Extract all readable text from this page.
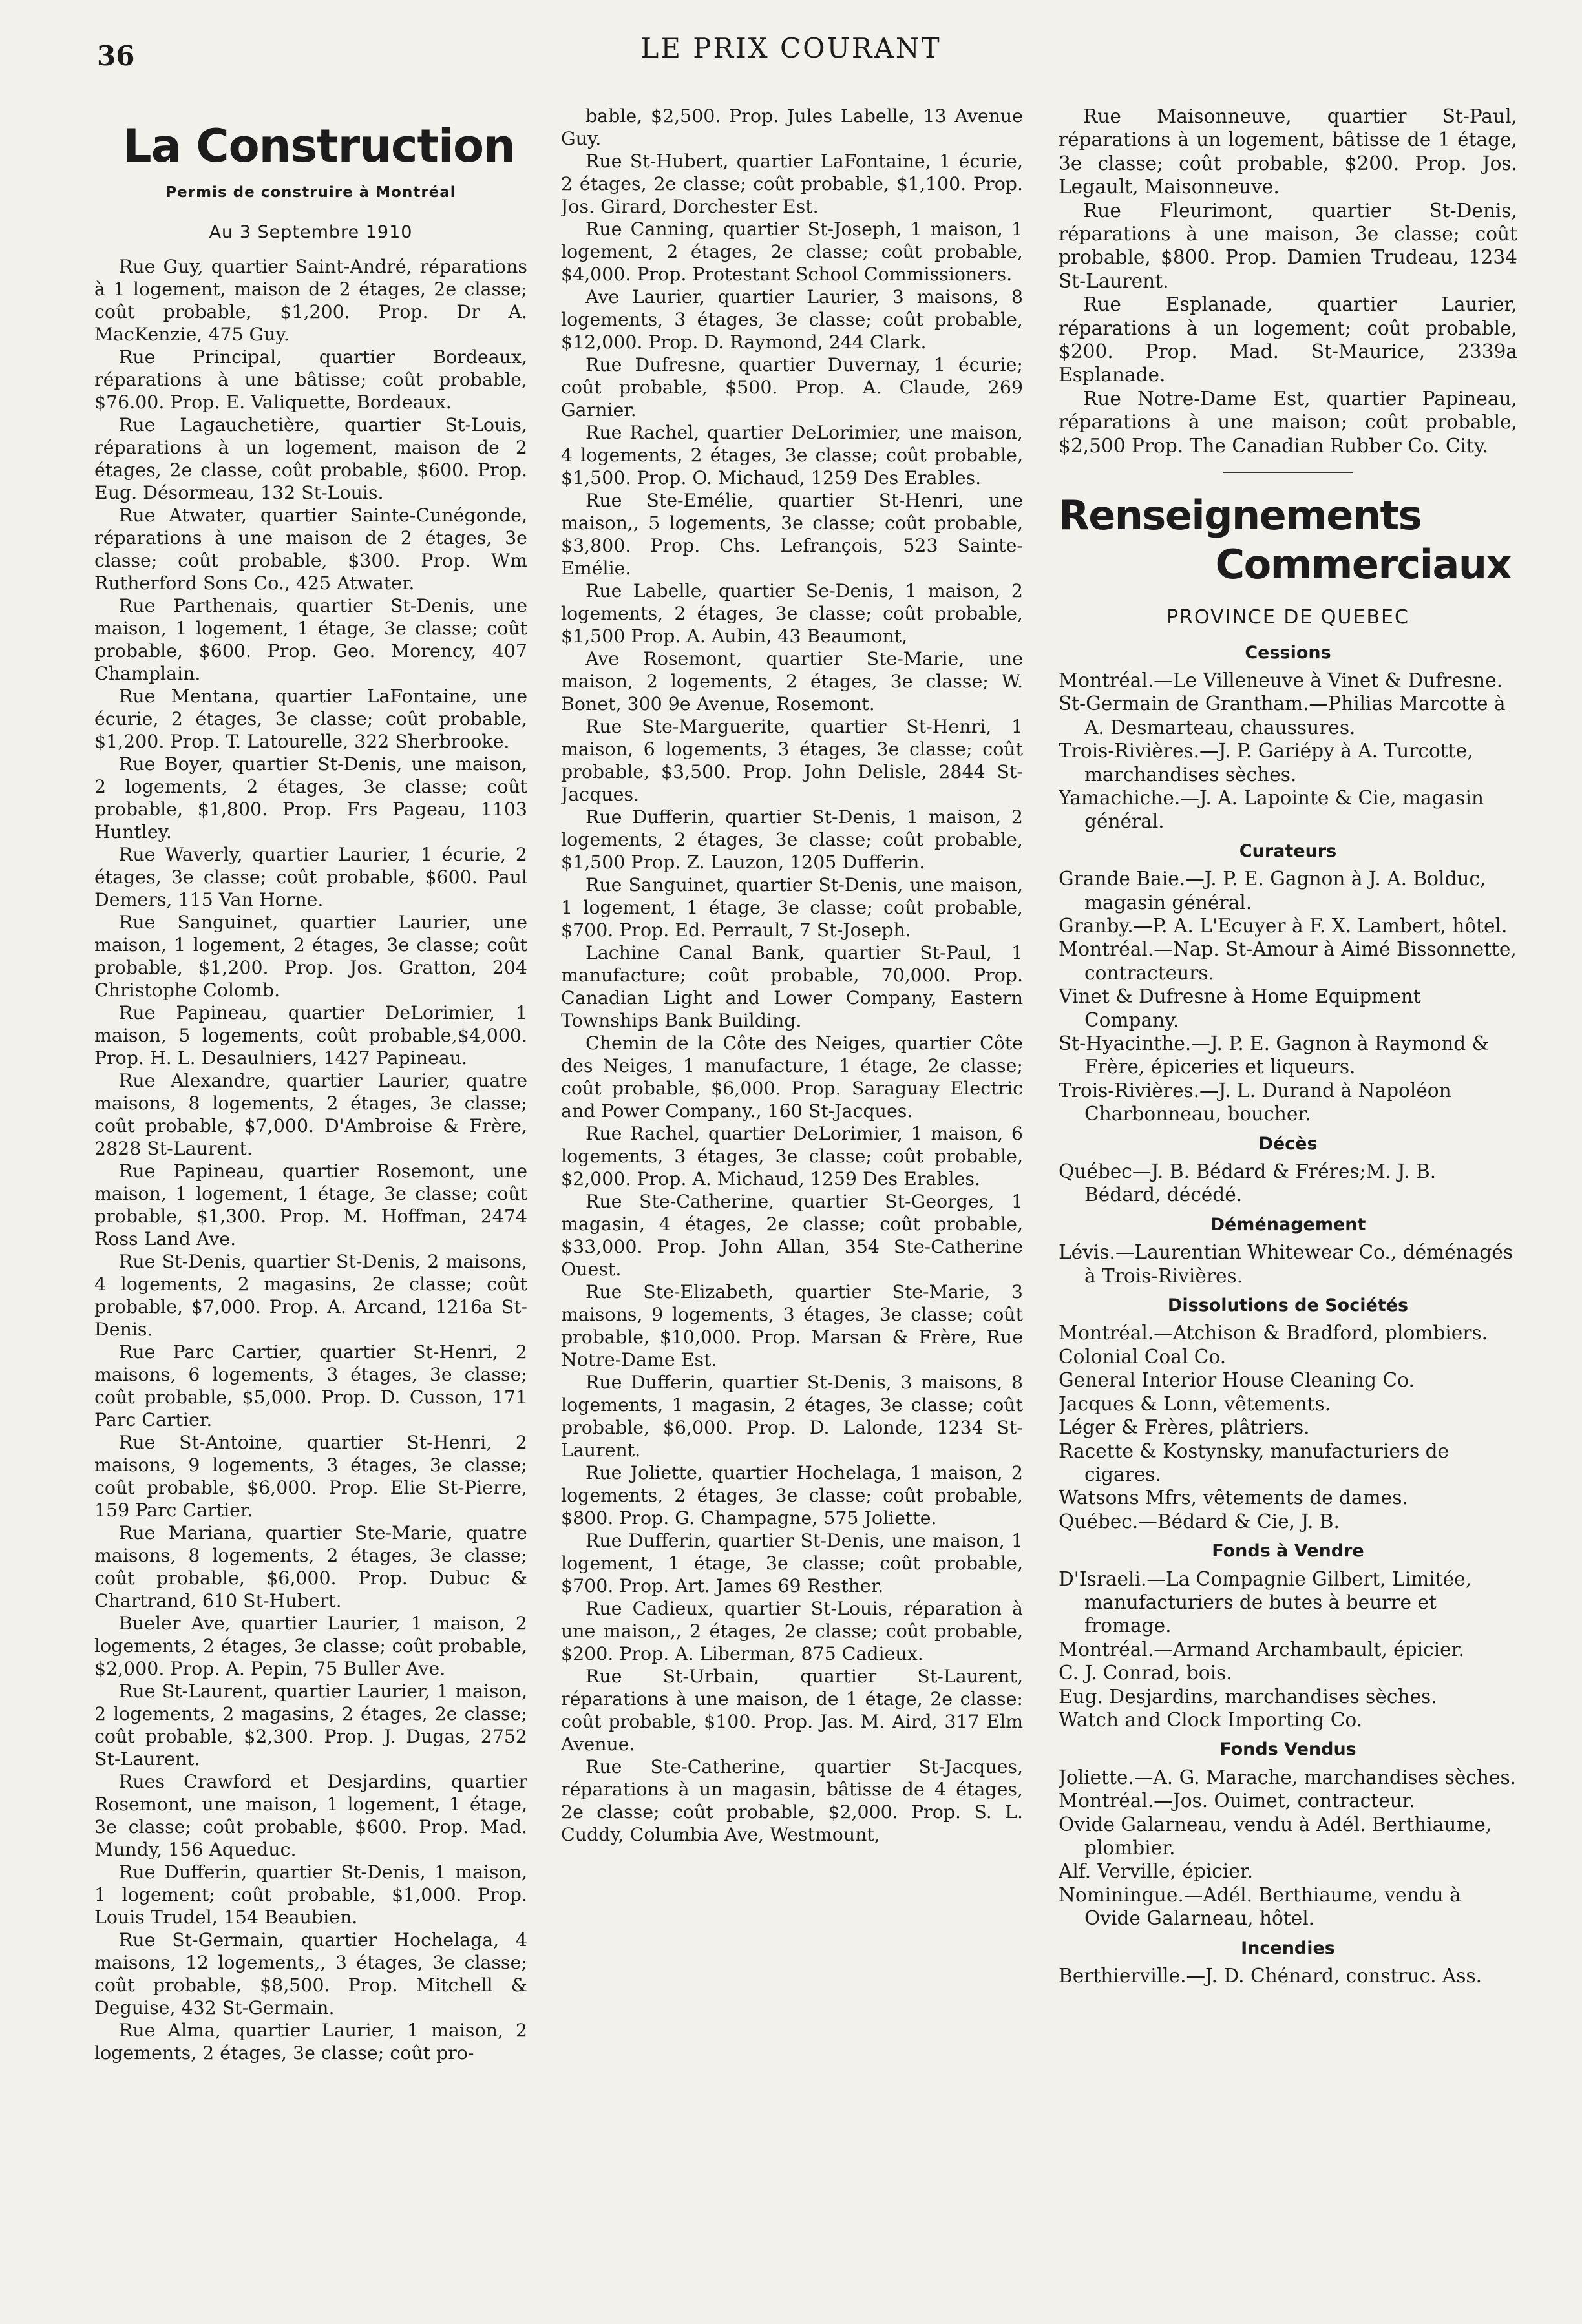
36	LE PRIX COURANT
La Construction
Permis de construire à Montréal
Au 3 Septembre 1910

Rue Guy, quartier Saint-André, réparations à 1 logement, maison de 2 étages, 2e classe; coût probable, $1,200. Prop. Dr A. MacKenzie, 475 Guy.

Rue Principal, quartier Bordeaux, réparations à une bâtisse; coût probable, $76.00. Prop. E. Valiquette, Bordeaux.

Rue Lagauchetière, quartier St-Louis, réparations à un logement, maison de 2 étages, 2e classe, coût probable, $600. Prop. Eug. Désormeau, 132 St-Louis.

Rue Atwater, quartier Sainte-Cunégonde, réparations à une maison de 2 étages, 3e classe; coût probable, $300. Prop. Wm Rutherford Sons Co., 425 Atwater.

Rue Parthenais, quartier St-Denis, une maison, 1 logement, 1 étage, 3e classe; coût probable, $600. Prop. Geo. Morency, 407 Champlain.

Rue Mentana, quartier LaFontaine, une écurie, 2 étages, 3e classe; coût probable, $1,200. Prop. T. Latourelle, 322 Sherbrooke.

Rue Boyer, quartier St-Denis, une maison, 2 logements, 2 étages, 3e classe; coût probable, $1,800. Prop. Frs Pageau, 1103 Huntley.

Rue Waverly, quartier Laurier, 1 écurie, 2 étages, 3e classe; coût probable, $600. Paul Demers, 115 Van Horne.

Rue Sanguinet, quartier Laurier, une maison, 1 logement, 2 étages, 3e classe; coût probable, $1,200. Prop. Jos. Gratton, 204 Christophe Colomb.

Rue Papineau, quartier DeLorimier, 1 maison, 5 logements, coût probable,$4,000. Prop. H. L. Desaulniers, 1427 Papineau.

Rue Alexandre, quartier Laurier, quatre maisons, 8 logements, 2 étages, 3e classe; coût probable, $7,000. D'Ambroise & Frère, 2828 St-Laurent.

Rue Papineau, quartier Rosemont, une maison, 1 logement, 1 étage, 3e classe; coût probable, $1,300. Prop. M. Hoffman, 2474 Ross Land Ave.

Rue St-Denis, quartier St-Denis, 2 maisons, 4 logements, 2 magasins, 2e classe; coût probable, $7,000. Prop. A. Arcand, 1216a St-Denis.

Rue Parc Cartier, quartier St-Henri, 2 maisons, 6 logements, 3 étages, 3e classe; coût probable, $5,000. Prop. D. Cusson, 171 Parc Cartier.

Rue St-Antoine, quartier St-Henri, 2 maisons, 9 logements, 3 étages, 3e classe; coût probable, $6,000. Prop. Elie St-Pierre, 159 Parc Cartier.

Rue Mariana, quartier Ste-Marie, quatre maisons, 8 logements, 2 étages, 3e classe; coût probable, $6,000. Prop. Dubuc & Chartrand, 610 St-Hubert.

Bueler Ave, quartier Laurier, 1 maison, 2 logements, 2 étages, 3e classe; coût probable, $2,000. Prop. A. Pepin, 75 Buller Ave.

Rue St-Laurent, quartier Laurier, 1 maison, 2 logements, 2 magasins, 2 étages, 2e classe; coût probable, $2,300. Prop. J. Dugas, 2752 St-Laurent.

Rues Crawford et Desjardins, quartier Rosemont, une maison, 1 logement, 1 étage, 3e classe; coût probable, $600. Prop. Mad. Mundy, 156 Aqueduc.

Rue Dufferin, quartier St-Denis, 1 maison, 1 logement; coût probable, $1,000. Prop. Louis Trudel, 154 Beaubien.

Rue St-Germain, quartier Hochelaga, 4 maisons, 12 logements,, 3 étages, 3e classe; coût probable, $8,500. Prop. Mitchell & Deguise, 432 St-Germain.

Rue Alma, quartier Laurier, 1 maison, 2 logements, 2 étages, 3e classe; coût pro-

bable, $2,500. Prop. Jules Labelle, 13 Avenue Guy.

Rue St-Hubert, quartier LaFontaine, 1 écurie, 2 étages, 2e classe; coût probable, $1,100. Prop. Jos. Girard, Dorchester Est.

Rue Canning, quartier St-Joseph, 1 maison, 1 logement, 2 étages, 2e classe; coût probable, $4,000. Prop. Protestant School Commissioners.

Ave Laurier, quartier Laurier, 3 maisons, 8 logements, 3 étages, 3e classe; coût probable, $12,000. Prop. D. Raymond, 244 Clark.

Rue Dufresne, quartier Duvernay, 1 écurie; coût probable, $500. Prop. A. Claude, 269 Garnier.

Rue Rachel, quartier DeLorimier, une maison, 4 logements, 2 étages, 3e classe; coût probable, $1,500. Prop. O. Michaud, 1259 Des Erables.

Rue Ste-Emélie, quartier St-Henri, une maison,, 5 logements, 3e classe; coût probable, $3,800. Prop. Chs. Lefrançois, 523 Sainte-Emélie.

Rue Labelle, quartier Se-Denis, 1 maison, 2 logements, 2 étages, 3e classe; coût probable, $1,500 Prop. A. Aubin, 43 Beaumont,

Ave Rosemont, quartier Ste-Marie, une maison, 2 logements, 2 étages, 3e classe; W. Bonet, 300 9e Avenue, Rosemont.

Rue Ste-Marguerite, quartier St-Henri, 1 maison, 6 logements, 3 étages, 3e classe; coût probable, $3,500. Prop. John Delisle, 2844 St-Jacques.

Rue Dufferin, quartier St-Denis, 1 maison, 2 logements, 2 étages, 3e classe; coût probable, $1,500 Prop. Z. Lauzon, 1205 Dufferin.

Rue Sanguinet, quartier St-Denis, une maison, 1 logement, 1 étage, 3e classe; coût probable, $700. Prop. Ed. Perrault, 7 St-Joseph.

Lachine Canal Bank, quartier St-Paul, 1 manufacture; coût probable, 70,000. Prop. Canadian Light and Lower Company, Eastern Townships Bank Building.

Chemin de la Côte des Neiges, quartier Côte des Neiges, 1 manufacture, 1 étage, 2e classe; coût probable, $6,000. Prop. Saraguay Electric and Power Company., 160 St-Jacques.

Rue Rachel, quartier DeLorimier, 1 maison, 6 logements, 3 étages, 3e classe; coût probable, $2,000. Prop. A. Michaud, 1259 Des Erables.

Rue Ste-Catherine, quartier St-Georges, 1 magasin, 4 étages, 2e classe; coût probable, $33,000. Prop. John Allan, 354 Ste-Catherine Ouest.

Rue Ste-Elizabeth, quartier Ste-Marie, 3 maisons, 9 logements, 3 étages, 3e classe; coût probable, $10,000. Prop. Marsan & Frère, Rue Notre-Dame Est.

Rue Dufferin, quartier St-Denis, 3 maisons, 8 logements, 1 magasin, 2 étages, 3e classe; coût probable, $6,000. Prop. D. Lalonde, 1234 St-Laurent.

Rue Joliette, quartier Hochelaga, 1 maison, 2 logements, 2 étages, 3e classe; coût probable, $800. Prop. G. Champagne, 575 Joliette.

Rue Dufferin, quartier St-Denis, une maison, 1 logement, 1 étage, 3e classe; coût probable, $700. Prop. Art. James 69 Resther.

Rue Cadieux, quartier St-Louis, réparation à une maison,, 2 étages, 2e classe; coût probable, $200. Prop. A. Liberman, 875 Cadieux.

Rue St-Urbain, quartier St-Laurent, réparations à une maison, de 1 étage, 2e classe: coût probable, $100. Prop. Jas. M. Aird, 317 Elm Avenue.

Rue Ste-Catherine, quartier St-Jacques, réparations à un magasin, bâtisse de 4 étages, 2e classe; coût probable, $2,000. Prop. S. L. Cuddy, Columbia Ave, Westmount,

Rue Maisonneuve, quartier St-Paul, réparations à un logement, bâtisse de 1 étage, 3e classe; coût probable, $200. Prop. Jos. Legault, Maisonneuve.

Rue Fleurimont, quartier St-Denis, réparations à une maison, 3e classe; coût probable, $800. Prop. Damien Trudeau, 1234 St-Laurent.

Rue Esplanade, quartier Laurier, réparations à un logement; coût probable, $200. Prop. Mad. St-Maurice, 2339a Esplanade.

Rue Notre-Dame Est, quartier Papineau, réparations à une maison; coût probable, $2,500 Prop. The Canadian Rubber Co. City.

Renseignements
Commerciaux
PROVINCE DE QUEBEC
Cessions

Montréal.—Le Villeneuve à Vinet & Dufresne.

St-Germain de Grantham.—Philias Marcotte à A. Desmarteau, chaussures.

Trois-Rivières.—J. P. Gariépy à A. Turcotte, marchandises sèches.

Yamachiche.—J. A. Lapointe & Cie, magasin général.

Curateurs

Grande Baie.—J. P. E. Gagnon à J. A. Bolduc, magasin général.

Granby.—P. A. L'Ecuyer à F. X. Lambert, hôtel.

Montréal.—Nap. St-Amour à Aimé Bissonnette, contracteurs.

Vinet & Dufresne à Home Equipment Company.

St-Hyacinthe.—J. P. E. Gagnon à Raymond & Frère, épiceries et liqueurs.

Trois-Rivières.—J. L. Durand à Napoléon Charbonneau, boucher.

Décès

Québec—J. B. Bédard & Fréres;M. J. B. Bédard, décédé.

Déménagement

Lévis.—Laurentian Whitewear Co., déménagés à Trois-Rivières.

Dissolutions de Sociétés

Montréal.—Atchison & Bradford, plombiers.

Colonial Coal Co.

General Interior House Cleaning Co.

Jacques & Lonn, vêtements.

Léger & Frères, plâtriers.

Racette & Kostynsky, manufacturiers de cigares.

Watsons Mfrs, vêtements de dames.

Québec.—Bédard & Cie, J. B.

Fonds à Vendre

D'Israeli.—La Compagnie Gilbert, Limitée, manufacturiers de butes à beurre et fromage.

Montréal.—Armand Archambault, épicier.

C. J. Conrad, bois.

Eug. Desjardins, marchandises sèches.

Watch and Clock Importing Co.

Fonds Vendus

Joliette.—A. G. Marache, marchandises sèches.

Montréal.—Jos. Ouimet, contracteur.

Ovide Galarneau, vendu à Adél. Berthiaume, plombier.

Alf. Verville, épicier.

Nominingue.—Adél. Berthiaume, vendu à Ovide Galarneau, hôtel.

Incendies

Berthierville.—J. D. Chénard, construc. Ass.
